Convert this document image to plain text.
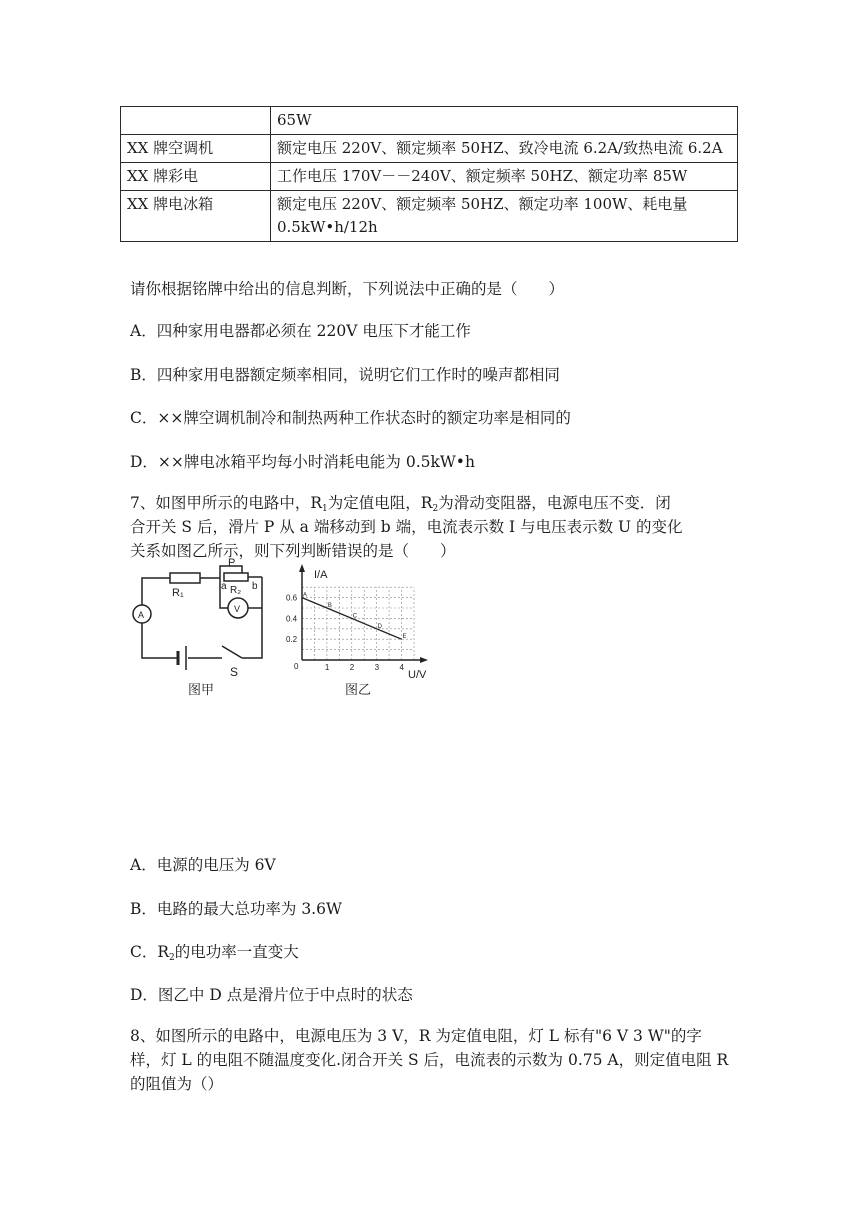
	65W
XX 牌空调机	额定电压 220V、额定频率 50HZ、致冷电流 6.2A/致热电流 6.2A
XX 牌彩电	工作电压 170V－－240V、额定频率 50HZ、额定功率 85W
XX 牌电冰箱	额定电压 220V、额定频率 50HZ、额定功率 100W、耗电量 0.5kW•h/12h
请你根据铭牌中给出的信息判断，下列说法中正确的是（　　）
A．四种家用电器都必须在 220V 电压下才能工作
B．四种家用电器额定频率相同，说明它们工作时的噪声都相同
C．××牌空调机制冷和制热两种工作状态时的额定功率是相同的
D．××牌电冰箱平均每小时消耗电能为 0.5kW•h
7、如图甲所示的电路中，$R_1$为定值电阻，$R_2$为滑动变阻器，电源电压不变．闭
合开关 S 后，滑片 P 从 a 端移动到 b 端，电流表示数 I 与电压表示数 U 的变化
关系如图乙所示，则下列判断错误的是（　　）
R₁
P
a R₂ b
V
A
S
图甲
I/A
U/V
0	1	2	3	4
0.2
0.4
0.6 A
B
C
D
E
图乙
A．电源的电压为 6V
B．电路的最大总功率为 3.6W
C．$R_2$的电功率一直变大
D．图乙中 D 点是滑片位于中点时的状态
8、如图所示的电路中，电源电压为 3 V，R 为定值电阻，灯 L 标有"6 V 3 W"的字样，灯 L 的电阻不随温度变化.闭合开关 S 后，电流表的示数为 0.75 A，则定值电阻 R 的阻值为（）
